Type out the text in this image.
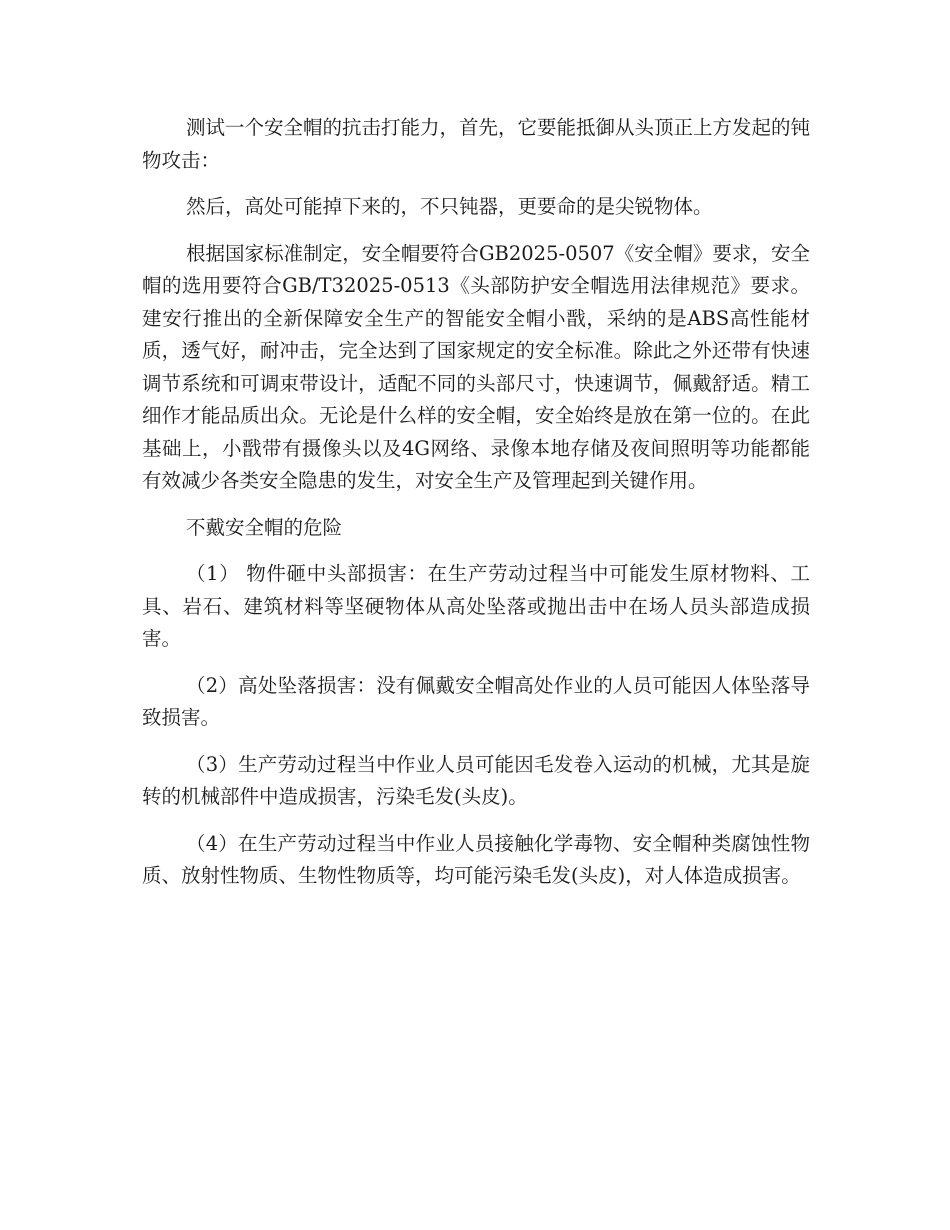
测试一个安全帽的抗击打能力，首先，它要能抵御从头顶正上方发起的钝物攻击：

然后，高处可能掉下来的，不只钝器，更要命的是尖锐物体。

根据国家标准制定，安全帽要符合GB2025-0507《安全帽》要求，安全帽的选用要符合GB/T32025-0513《头部防护安全帽选用法律规范》要求。建安行推出的全新保障安全生产的智能安全帽小戬，采纳的是ABS高性能材质，透气好，耐冲击，完全达到了国家规定的安全标准。除此之外还带有快速调节系统和可调束带设计，适配不同的头部尺寸，快速调节，佩戴舒适。精工细作才能品质出众。无论是什么样的安全帽，安全始终是放在第一位的。在此基础上，小戬带有摄像头以及4G网络、录像本地存储及夜间照明等功能都能有效减少各类安全隐患的发生，对安全生产及管理起到关键作用。

不戴安全帽的危险

（1） 物件砸中头部损害：在生产劳动过程当中可能发生原材物料、工具、岩石、建筑材料等坚硬物体从高处坠落或抛出击中在场人员头部造成损害。

（2）高处坠落损害：没有佩戴安全帽高处作业的人员可能因人体坠落导致损害。

（3）生产劳动过程当中作业人员可能因毛发卷入运动的机械，尤其是旋转的机械部件中造成损害，污染毛发(头皮)。

（4）在生产劳动过程当中作业人员接触化学毒物、安全帽种类腐蚀性物质、放射性物质、生物性物质等，均可能污染毛发(头皮)，对人体造成损害。
